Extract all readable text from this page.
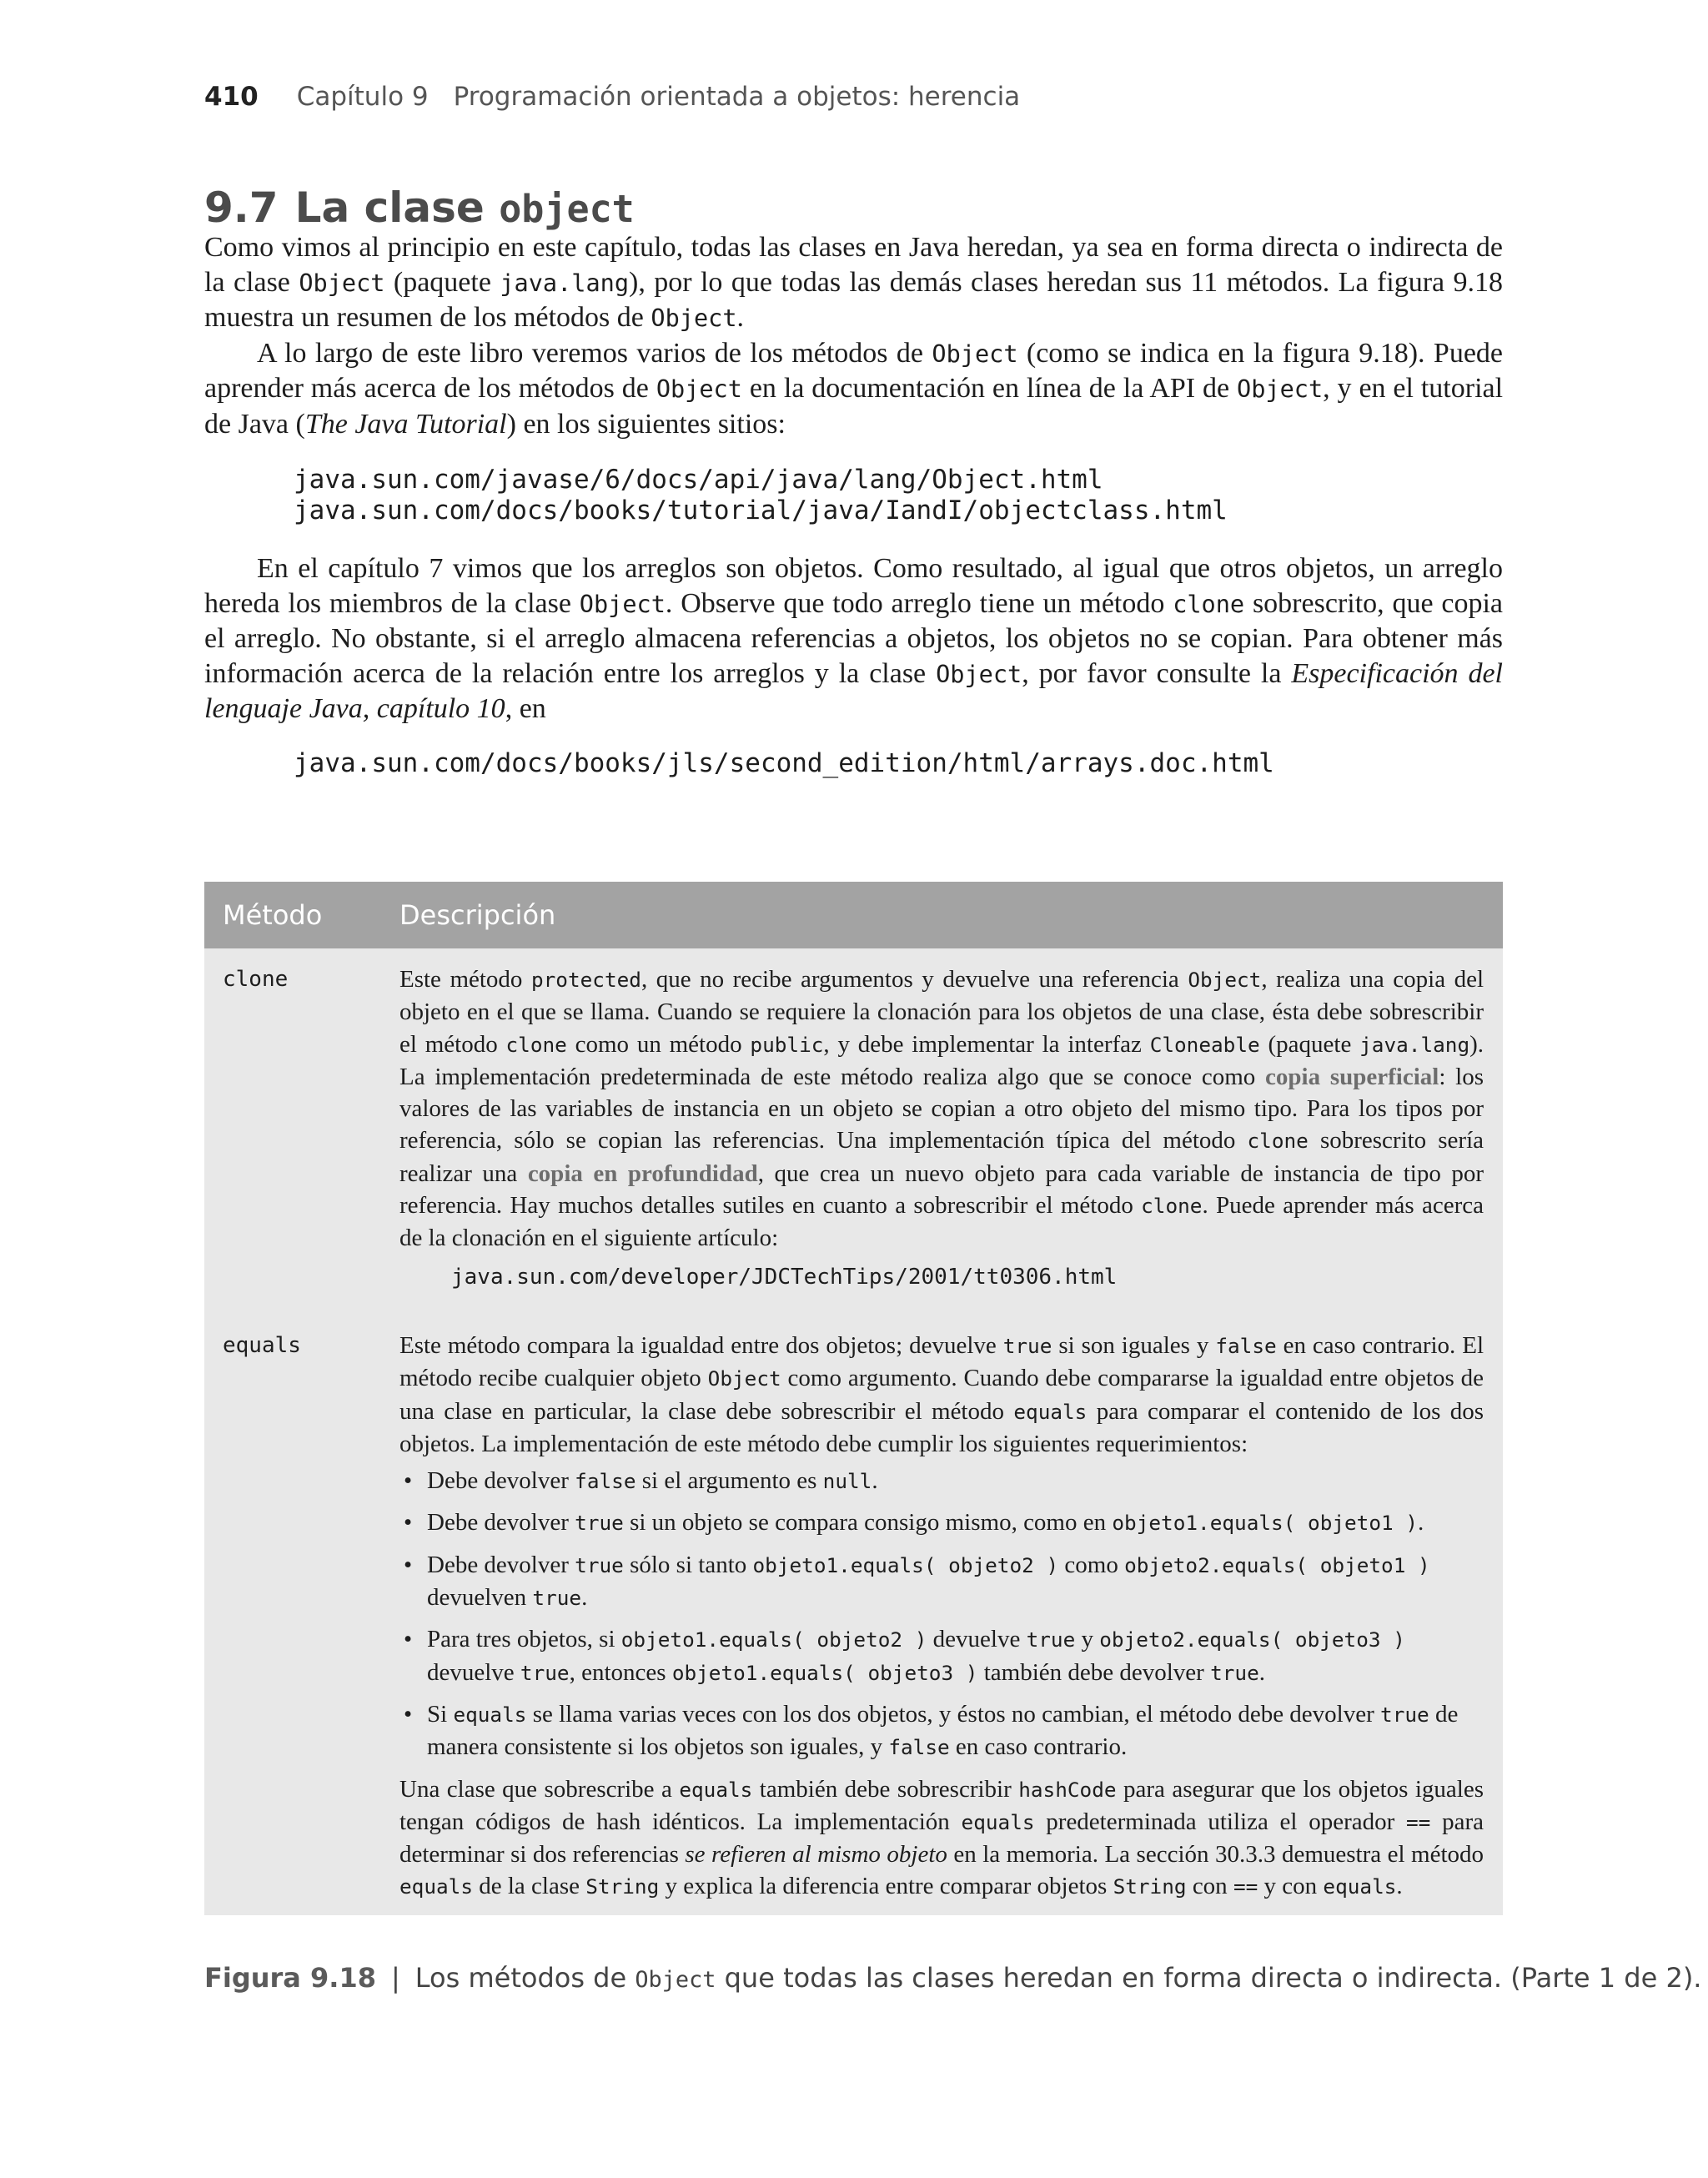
410 Capítulo 9 Programación orientada a objetos: herencia
9.7 La clase object

Como vimos al principio en este capítulo, todas las clases en Java heredan, ya sea en forma directa o indirecta de la clase Object (paquete java.lang), por lo que todas las demás clases heredan sus 11 métodos. La figura 9.18 muestra un resumen de los métodos de Object.

A lo largo de este libro veremos varios de los métodos de Object (como se indica en la figura 9.18). Puede aprender más acerca de los métodos de Object en la documentación en línea de la API de Object, y en el tutorial de Java (The Java Tutorial) en los siguientes sitios:

java.sun.com/javase/6/docs/api/java/lang/Object.html
java.sun.com/docs/books/tutorial/java/IandI/objectclass.html

En el capítulo 7 vimos que los arreglos son objetos. Como resultado, al igual que otros objetos, un arreglo hereda los miembros de la clase Object. Observe que todo arreglo tiene un método clone sobrescrito, que copia el arreglo. No obstante, si el arreglo almacena referencias a objetos, los objetos no se copian. Para obtener más información acerca de la relación entre los arreglos y la clase Object, por favor consulte la Especificación del lenguaje Java, capítulo 10, en

java.sun.com/docs/books/jls/second_edition/html/arrays.doc.html
Método	Descripción
clone	Este método protected, que no recibe argumentos y devuelve una referencia Object, realiza una copia del objeto en el que se llama. Cuando se requiere la clonación para los objetos de una clase, ésta debe sobrescribir el método clone como un método public, y debe implementar la interfaz Cloneable (paquete java.lang). La implementación predeterminada de este método realiza algo que se conoce como copia superficial: los valores de las variables de instancia en un objeto se copian a otro objeto del mismo tipo. Para los tipos por referencia, sólo se copian las referencias. Una implementación típica del método clone sobrescrito sería realizar una copia en profundidad, que crea un nuevo objeto para cada variable de instancia de tipo por referencia. Hay muchos detalles sutiles en cuanto a sobrescribir el método clone. Puede aprender más acerca de la clonación en el siguiente artículo:

java.sun.com/developer/JDCTechTips/2001/tt0306.html
equals	Este método compara la igualdad entre dos objetos; devuelve true si son iguales y false en caso contrario. El método recibe cualquier objeto Object como argumento. Cuando debe compararse la igualdad entre objetos de una clase en particular, la clase debe sobrescribir el método equals para comparar el contenido de los dos objetos. La implementación de este método debe cumplir los siguientes requerimientos:

• Debe devolver false si el argumento es null.
• Debe devolver true si un objeto se compara consigo mismo, como en objeto1.equals( objeto1 ).
• Debe devolver true sólo si tanto objeto1.equals( objeto2 ) como objeto2.equals( objeto1 ) devuelven true.
• Para tres objetos, si objeto1.equals( objeto2 ) devuelve true y objeto2.equals( objeto3 ) devuelve true, entonces objeto1.equals( objeto3 ) también debe devolver true.
• Si equals se llama varias veces con los dos objetos, y éstos no cambian, el método debe devolver true de manera consistente si los objetos son iguales, y false en caso contrario.

Una clase que sobrescribe a equals también debe sobrescribir hashCode para asegurar que los objetos iguales tengan códigos de hash idénticos. La implementación equals predeterminada utiliza el operador == para determinar si dos referencias se refieren al mismo objeto en la memoria. La sección 30.3.3 demuestra el método equals de la clase String y explica la diferencia entre comparar objetos String con == y con equals.

Figura 9.18 | Los métodos de Object que todas las clases heredan en forma directa o indirecta. (Parte 1 de 2).
